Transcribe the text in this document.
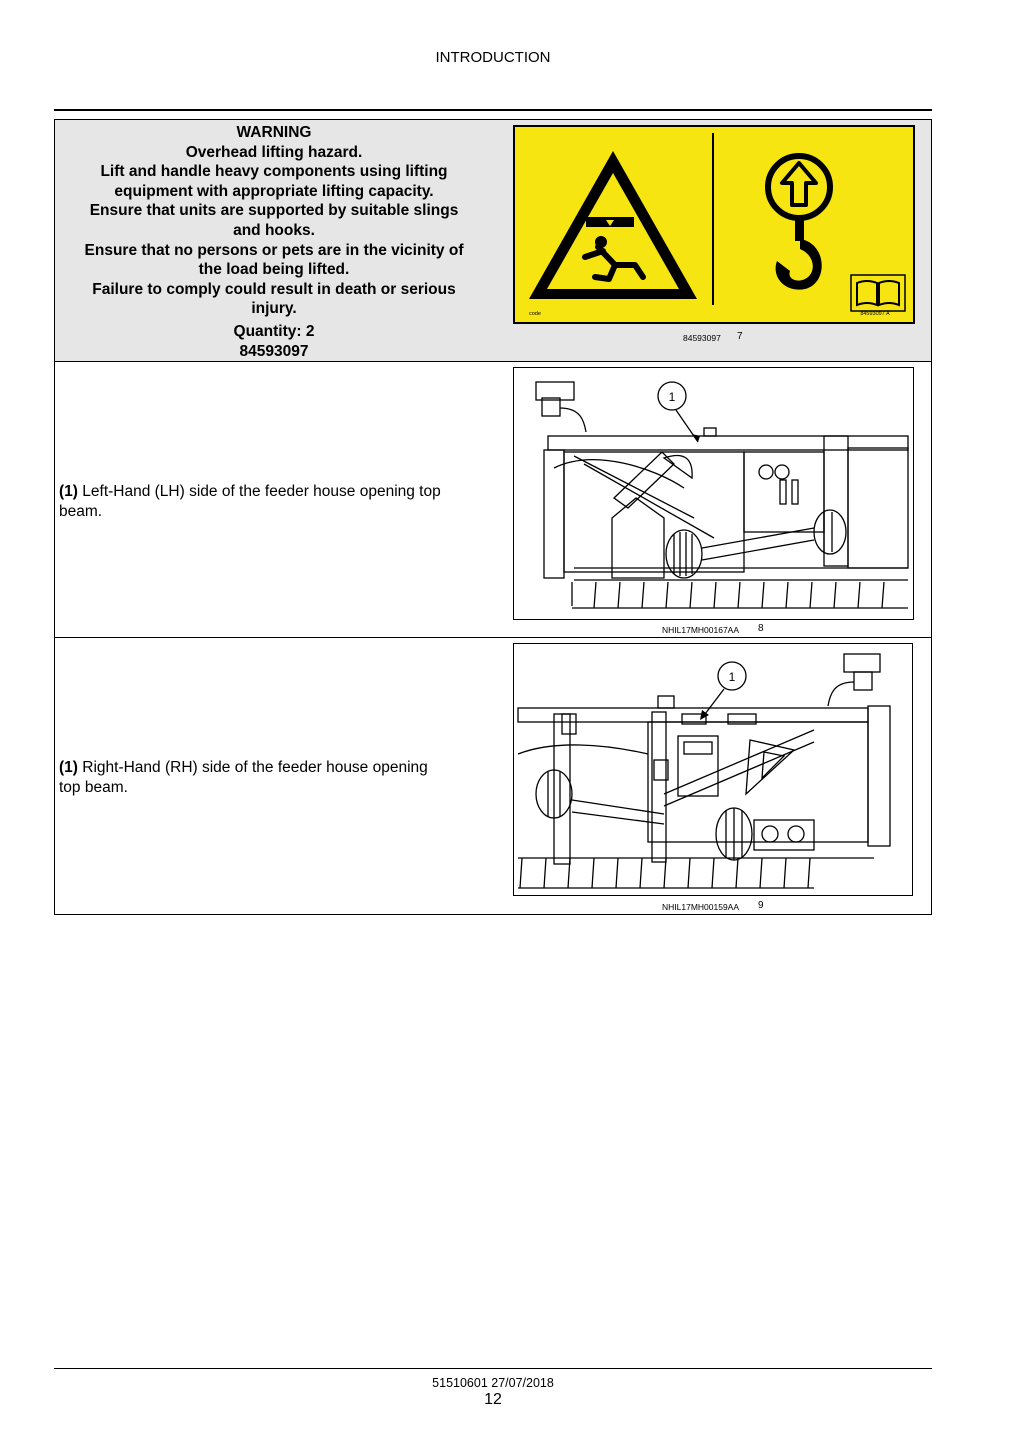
INTRODUCTION
WARNING
Overhead lifting hazard.
Lift and handle heavy components using lifting
equipment with appropriate lifting capacity.
Ensure that units are supported by suitable slings
and hooks.
Ensure that no persons or pets are in the vicinity of
the load being lifted.
Failure to comply could result in death or serious
injury.
Quantity: 2
84593097
code	84593097 A
84593097 7
(1) Left-Hand (LH) side of the feeder house opening top
beam.
1
NHIL17MH00167AA 8
(1) Right-Hand (RH) side of the feeder house opening
top beam.
1
NHIL17MH00159AA 9
51510601 27/07/2018
12
